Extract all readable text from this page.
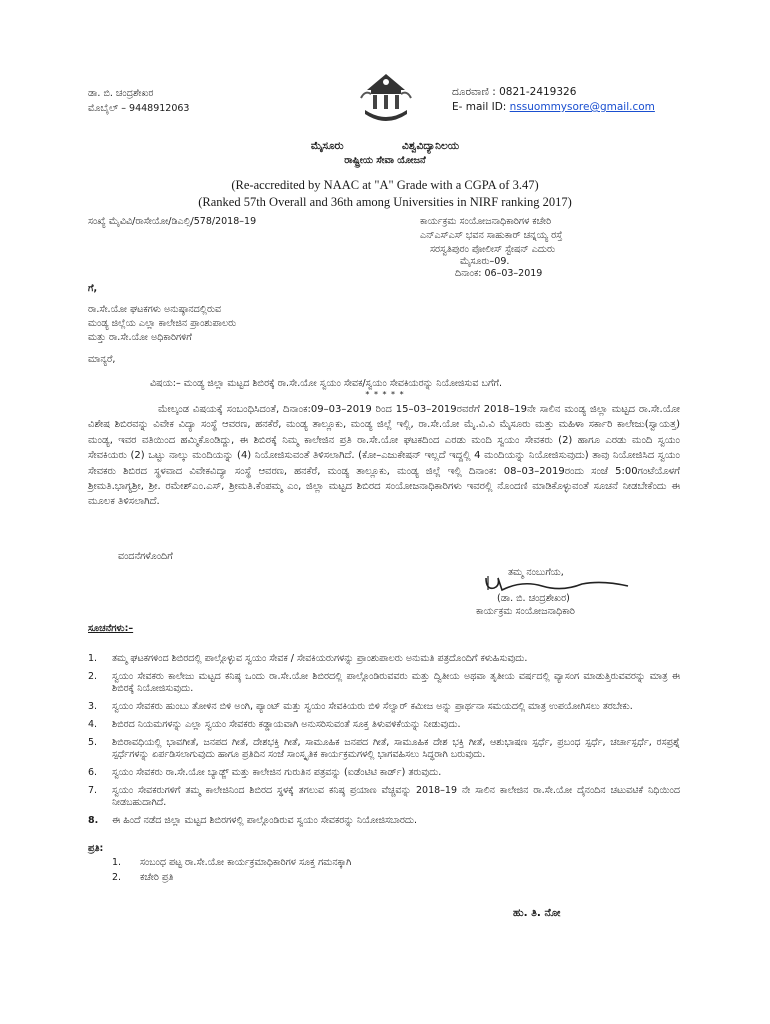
ಡಾ. ಬಿ. ಚಂದ್ರಶೇಖರ
ಮೊಬೈಲ್ – 9448912063
ದೂರವಾಣಿ : 0821-2419326
E- mail ID: nssuommysore@gmail.com
ಮೈಸೂರು                ವಿಶ್ವವಿದ್ಯಾನಿಲಯ
ರಾಷ್ಟ್ರೀಯ ಸೇವಾ ಯೋಜನೆ
(Re-accredited by NAAC at "A" Grade with a CGPA of 3.47)
(Ranked 57th Overall and 36th among Universities in NIRF ranking 2017)
ಸಂಖ್ಯೆ ಮೈವಿವಿ/ರಾಸೇಯೋ/ಡಿಎಲ್ಸಿ/578/2018–19	ಕಾರ್ಯಕ್ರಮ ಸಂಯೋಜನಾಧಿಕಾರಿಗಳ ಕಚೇರಿ
ಎನ್ಎಸ್ಎಸ್ ಭವನ ಸಾಹುಕಾರ್ ಚನ್ನಯ್ಯ ರಸ್ತೆ
ಸರಸ್ವತಿಪುರಂ ಪೋಲೀಸ್ ಸ್ಟೇಷನ್ ಎದುರು
ಮೈಸೂರು–09.
ದಿನಾಂಕ: 06–03–2019
ಗೆ,
ರಾ.ಸೇ.ಯೋ ಘಟಕಗಳು ಅನುಷ್ಠಾನದಲ್ಲಿರುವ
ಮಂಡ್ಯ ಜಿಲ್ಲೆಯ ಎಲ್ಲಾ ಕಾಲೇಜಿನ ಪ್ರಾಂಶುಪಾಲರು
ಮತ್ತು ರಾ.ಸೇ.ಯೋ ಅಧಿಕಾರಿಗಳಿಗೆ
ಮಾನ್ಯರೆ,
ವಿಷಯ:– ಮಂಡ್ಯ ಜಿಲ್ಲಾ ಮಟ್ಟದ ಶಿಬಿರಕ್ಕೆ ರಾ.ಸೇ.ಯೋ ಸ್ವಯಂ ಸೇವಕ/ಸ್ವಯಂ ಸೇವಕಿಯರನ್ನು ನಿಯೋಜಿಸುವ ಬಗೆಗೆ.
* * * * *
ಮೇಲ್ಕಂಡ ವಿಷಯಕ್ಕೆ ಸಂಬಂಧಿಸಿದಂತೆ, ದಿನಾಂಕ:09–03–2019 ರಿಂದ 15–03–2019ರವರೆಗೆ 2018–19ನೇ ಸಾಲಿನ ಮಂಡ್ಯ ಜಿಲ್ಲಾ ಮಟ್ಟದ ರಾ.ಸೇ.ಯೋ ವಿಶೇಷ ಶಿಬಿರವನ್ನು ವಿವೇಕ ವಿದ್ಯಾ ಸಂಸ್ಥೆ ಆವರಣ, ಹನಕೆರೆ, ಮಂಡ್ಯ ತಾಲ್ಲೂಕು, ಮಂಡ್ಯ ಜಿಲ್ಲೆ ಇಲ್ಲಿ, ರಾ.ಸೇ.ಯೋ ಮೈ.ವಿ.ವಿ ಮೈಸೂರು ಮತ್ತು ಮಹಿಳಾ ಸರ್ಕಾರಿ ಕಾಲೇಜು(ಸ್ವಾಯತ್ತ) ಮಂಡ್ಯ, ಇವರ ವತಿಯಿಂದ ಹಮ್ಮಿಕೊಂಡಿದ್ದು, ಈ ಶಿಬಿರಕ್ಕೆ ನಿಮ್ಮ ಕಾಲೇಜಿನ ಪ್ರತಿ ರಾ.ಸೇ.ಯೋ ಘಟಕದಿಂದ ಎರಡು ಮಂದಿ ಸ್ವಯಂ ಸೇವಕರು (2) ಹಾಗೂ ಎರಡು ಮಂದಿ ಸ್ವಯಂ ಸೇವಕಿಯರು (2) ಒಟ್ಟು ನಾಲ್ಕು ಮಂದಿಯನ್ನು (4) ನಿಯೋಜಿಸುವಂತೆ ತಿಳಿಸಲಾಗಿದೆ. (ಕೋ–ಎಜುಕೇಷನ್ ಇಲ್ಲದೆ ಇದ್ದಲ್ಲಿ 4 ಮಂದಿಯನ್ನು ನಿಯೋಜಿಸುವುದು) ತಾವು ನಿಯೋಜಿಸಿದ ಸ್ವಯಂ ಸೇವಕರು ಶಿಬಿರದ ಸ್ಥಳವಾದ ವಿವೇಕವಿದ್ಯಾ ಸಂಸ್ಥೆ ಆವರಣ, ಹನಕೆರೆ, ಮಂಡ್ಯ ತಾಲ್ಲೂಕು, ಮಂಡ್ಯ ಜಿಲ್ಲೆ ಇಲ್ಲಿ ದಿನಾಂಕ: 08–03–2019ರಂದು ಸಂಜೆ 5:00ಗಂಟೆಯೊಳಗೆ ಶ್ರೀಮತಿ.ಭಾಗ್ಯಶ್ರೀ, ಶ್ರೀ. ರಮೇಶ್ಎಂ.ಎಸ್, ಶ್ರೀಮತಿ.ಕೆಂಪಮ್ಮ ಎಂ, ಜಿಲ್ಲಾ ಮಟ್ಟದ ಶಿಬಿರದ ಸಂಯೋಜನಾಧಿಕಾರಿಗಳು ಇವರಲ್ಲಿ ನೊಂದಣಿ ಮಾಡಿಕೊಳ್ಳುವಂತೆ ಸೂಚನೆ ನೀಡಬೇಕೆಂದು ಈ ಮೂಲಕ ತಿಳಿಸಲಾಗಿದೆ.
ವಂದನೆಗಳೊಂದಿಗೆ
ತಮ್ಮ ನಂಬುಗೆಯ,
(ಡಾ. ಬಿ. ಚಂದ್ರಶೇಖರ)
ಕಾರ್ಯಕ್ರಮ ಸಂಯೋಜನಾಧಿಕಾರಿ
ಸೂಚನೆಗಳು:–
1.	ತಮ್ಮ ಘಟಕಗಳಿಂದ ಶಿಬಿರದಲ್ಲಿ ಪಾಲ್ಗೊಳ್ಳುವ ಸ್ವಯಂ ಸೇವಕ / ಸೇವಕಿಯರುಗಳನ್ನು ಪ್ರಾಂಶುಪಾಲರು ಅನುಮತಿ ಪತ್ರದೊಂದಿಗೆ ಕಳುಹಿಸುವುದು.
2.	ಸ್ವಯಂ ಸೇವಕರು ಕಾಲೇಜು ಮಟ್ಟದ ಕನಿಷ್ಠ ಒಂದು ರಾ.ಸೇ.ಯೋ ಶಿಬಿರದಲ್ಲಿ ಪಾಲ್ಗೊಂಡಿರುವವರು ಮತ್ತು ದ್ವಿತೀಯ ಅಥವಾ ತೃತೀಯ ವರ್ಷದಲ್ಲಿ ವ್ಯಾಸಂಗ ಮಾಡುತ್ತಿರುವವರನ್ನು ಮಾತ್ರ ಈ ಶಿಬಿರಕ್ಕೆ ನಿಯೋಜಿಸುವುದು.
3.	ಸ್ವಯಂ ಸೇವಕರು ಹುಂಬು ತೋಳಿನ ಬಿಳಿ ಅಂಗಿ, ಪ್ಯಾಂಟ್ ಮತ್ತು ಸ್ವಯಂ ಸೇವಕಿಯರು ಬಿಳಿ ಸೆಲ್ವಾರ್ ಕಮೀಜ ಅನ್ನು ಪ್ರಾರ್ಥನಾ ಸಮಯದಲ್ಲಿ ಮಾತ್ರ ಉಪಯೋಗಿಸಲು ತರಬೇಕು.
4.	ಶಿಬಿರದ ನಿಯಮಗಳನ್ನು ಎಲ್ಲಾ ಸ್ವಯಂ ಸೇವಕರು ಕಡ್ಡಾಯವಾಗಿ ಅನುಸರಿಸುವಂತೆ ಸೂಕ್ತ ತಿಳುವಳಿಕೆಯನ್ನು ನೀಡುವುದು.
5.	ಶಿಬಿರಾವಧಿಯಲ್ಲಿ ಭಾವಗೀತೆ, ಜನಪದ ಗೀತೆ, ದೇಶಭಕ್ತಿ ಗೀತೆ, ಸಾಮೂಹಿಕ ಜನಪದ ಗೀತೆ, ಸಾಮೂಹಿಕ ದೇಶ ಭಕ್ತಿ ಗೀತೆ, ಆಶುಭಾಷಣ ಸ್ಪರ್ಧೆ, ಪ್ರಬಂಧ ಸ್ಪರ್ಧೆ, ಚರ್ಚಾಸ್ಪರ್ಧೆ, ರಸಪ್ರಶ್ನೆ ಸ್ಪರ್ಧೆಗಳನ್ನು ಏರ್ಪಡಿಸಲಾಗುವುದು ಹಾಗೂ ಪ್ರತಿದಿನ ಸಂಜೆ ಸಾಂಸ್ಕೃತಿಕ ಕಾರ್ಯಕ್ರಮಗಳಲ್ಲಿ ಭಾಗವಹಿಸಲು ಸಿದ್ಧರಾಗಿ ಬರುವುದು.
6.	ಸ್ವಯಂ ಸೇವಕರು ರಾ.ಸೇ.ಯೋ ಬ್ಯಾಡ್ಜ್ ಮತ್ತು ಕಾಲೇಜಿನ ಗುರುತಿನ ಪತ್ರವನ್ನು (ಐಡೆಂಟಿಟಿ ಕಾರ್ಡ್) ತರುವುದು.
7.	ಸ್ವಯಂ ಸೇವಕರುಗಳಿಗೆ ತಮ್ಮ ಕಾಲೇಜಿನಿಂದ ಶಿಬಿರದ ಸ್ಥಳಕ್ಕೆ ತಗಲುವ ಕನಿಷ್ಠ ಪ್ರಯಾಣ ವೆಚ್ಚವನ್ನು 2018–19 ನೇ ಸಾಲಿನ ಕಾಲೇಜಿನ ರಾ.ಸೇ.ಯೋ ದೈನಂದಿನ ಚಟುವಟಿಕೆ ನಿಧಿಯಿಂದ ನೀಡಬಹುದಾಗಿದೆ.
8.	ಈ ಹಿಂದೆ ನಡೆದ ಜಿಲ್ಲಾ ಮಟ್ಟದ ಶಿಬಿರಗಳಲ್ಲಿ ಪಾಲ್ಗೊಂಡಿರುವ ಸ್ವಯಂ ಸೇವಕರನ್ನು ನಿಯೋಜಿಸಬಾರದು.
ಪ್ರತಿ:
1. ಸಂಬಂಧ ಪಟ್ಟ ರಾ.ಸೇ.ಯೋ ಕಾರ್ಯಕ್ರಮಾಧಿಕಾರಿಗಳ ಸೂಕ್ತ ಗಮನಕ್ಕಾಗಿ
2. ಕಚೇರಿ ಪ್ರತಿ
ಹು. ತಿ. ನೋ
